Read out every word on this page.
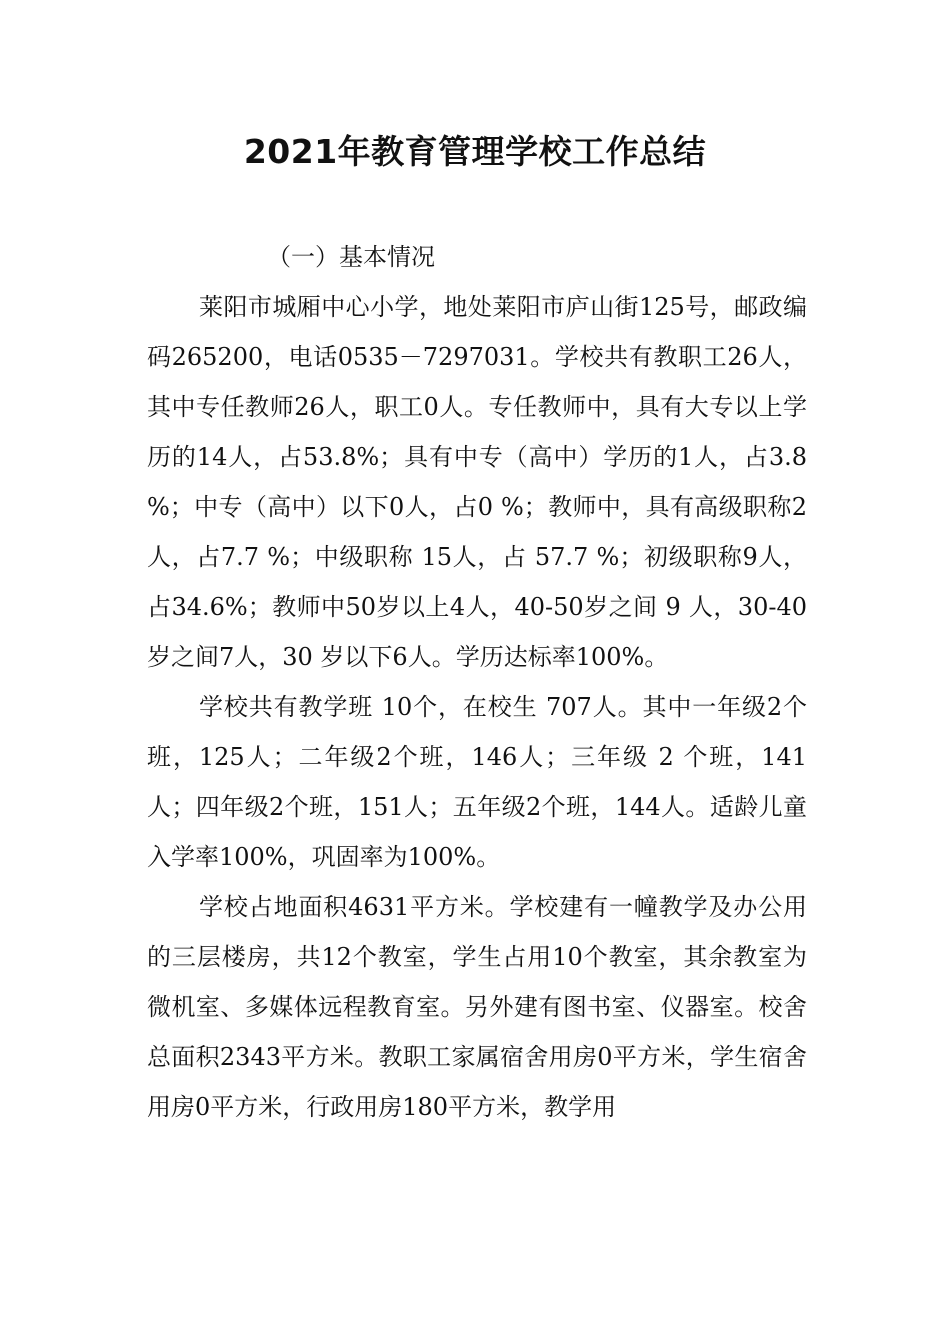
2021年教育管理学校工作总结

（一）基本情况

莱阳市城厢中心小学，地处莱阳市庐山街125号，邮政编码265200，电话0535－7297031。学校共有教职工26人，其中专任教师26人，职工0人。专任教师中，具有大专以上学历的14人，占53.8%；具有中专（高中）学历的1人，占3.8 %；中专（高中）以下0人，占0 %；教师中，具有高级职称2人，占7.7 %；中级职称 15人，占 57.7 %；初级职称9人，占34.6%；教师中50岁以上4人，40-50岁之间 9 人，30-40岁之间7人，30 岁以下6人。学历达标率100%。

学校共有教学班 10个，在校生 707人。其中一年级2个班，125人；二年级2个班，146人；三年级 2 个班，141人；四年级2个班，151人；五年级2个班，144人。适龄儿童入学率100%，巩固率为100%。

学校占地面积4631平方米。学校建有一幢教学及办公用的三层楼房，共12个教室，学生占用10个教室，其余教室为微机室、多媒体远程教育室。另外建有图书室、仪器室。校舍总面积2343平方米。教职工家属宿舍用房0平方米，学生宿舍用房0平方米，行政用房180平方米，教学用
